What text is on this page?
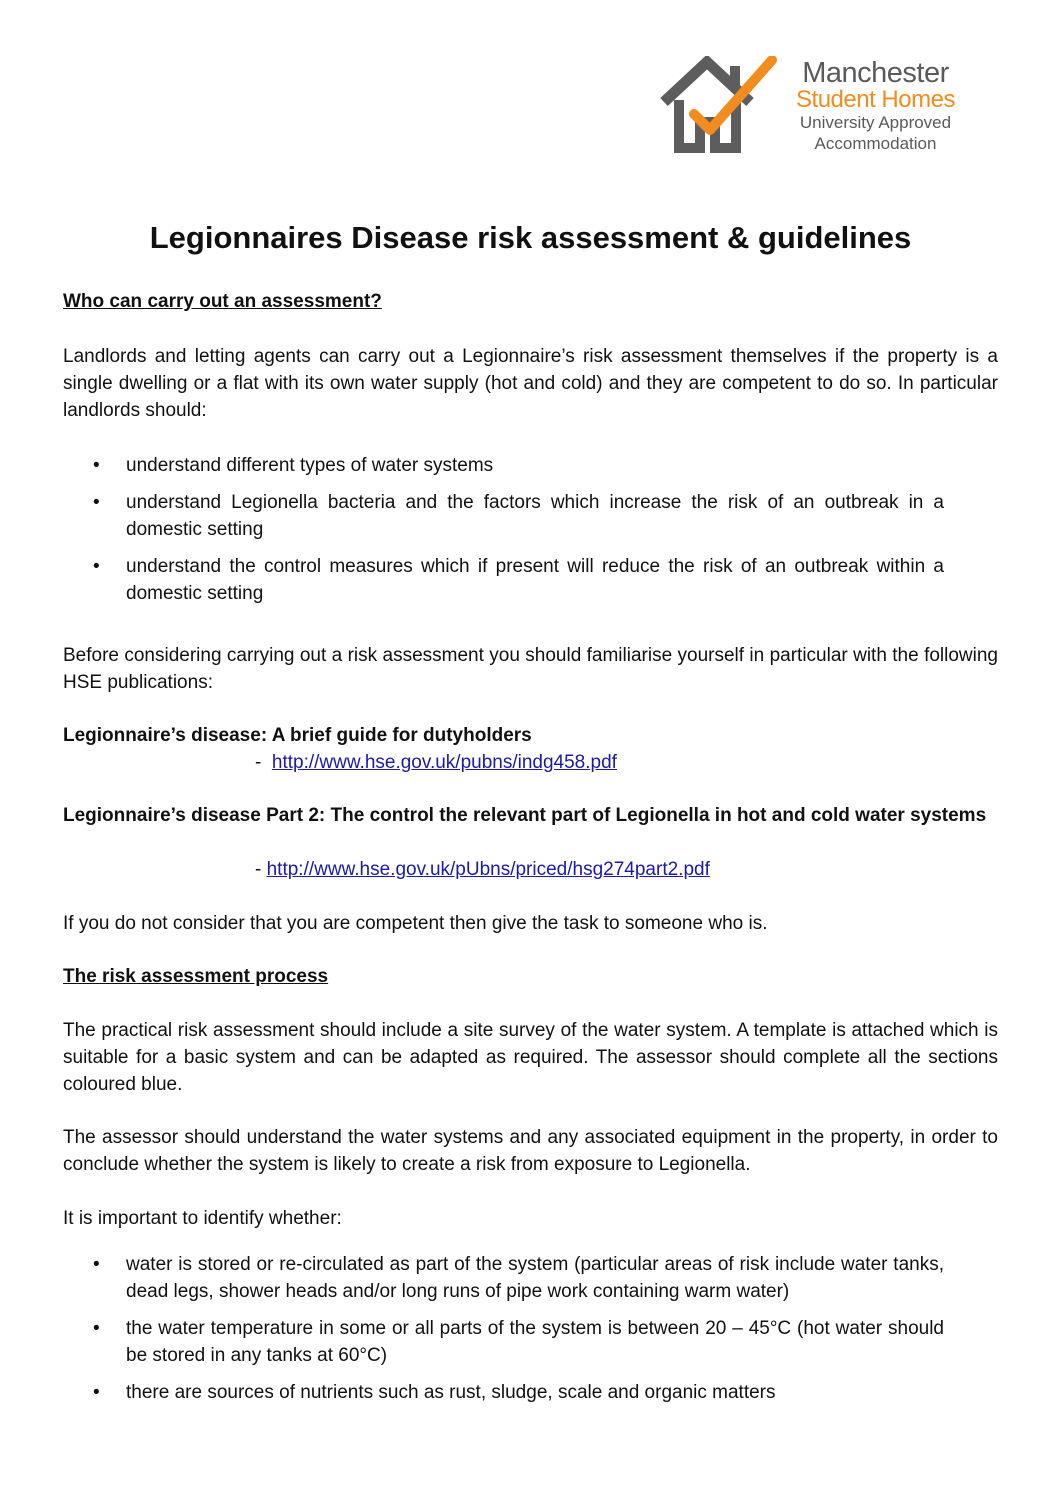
Manchester
Student Homes
University Approved
Accommodation
Legionnaires Disease risk assessment & guidelines

Who can carry out an assessment?

Landlords and letting agents can carry out a Legionnaire’s risk assessment themselves if the property is a single dwelling or a flat with its own water supply (hot and cold) and they are competent to do so. In particular landlords should:

• understand different types of water systems
• understand Legionella bacteria and the factors which increase the risk of an outbreak in a domestic setting
• understand the control measures which if present will reduce the risk of an outbreak within a domestic setting

Before considering carrying out a risk assessment you should familiarise yourself in particular with the following HSE publications:

Legionnaire’s disease: A brief guide for dutyholders

- http://www.hse.gov.uk/pubns/indg458.pdf

Legionnaire’s disease Part 2: The control the relevant part of Legionella in hot and cold water systems

- http://www.hse.gov.uk/pUbns/priced/hsg274part2.pdf

If you do not consider that you are competent then give the task to someone who is.

The risk assessment process

The practical risk assessment should include a site survey of the water system. A template is attached which is suitable for a basic system and can be adapted as required. The assessor should complete all the sections coloured blue.

The assessor should understand the water systems and any associated equipment in the property, in order to conclude whether the system is likely to create a risk from exposure to Legionella.

It is important to identify whether:

• water is stored or re-circulated as part of the system (particular areas of risk include water tanks, dead legs, shower heads and/or long runs of pipe work containing warm water)
• the water temperature in some or all parts of the system is between 20 – 45°C (hot water should be stored in any tanks at 60°C)
• there are sources of nutrients such as rust, sludge, scale and organic matters
